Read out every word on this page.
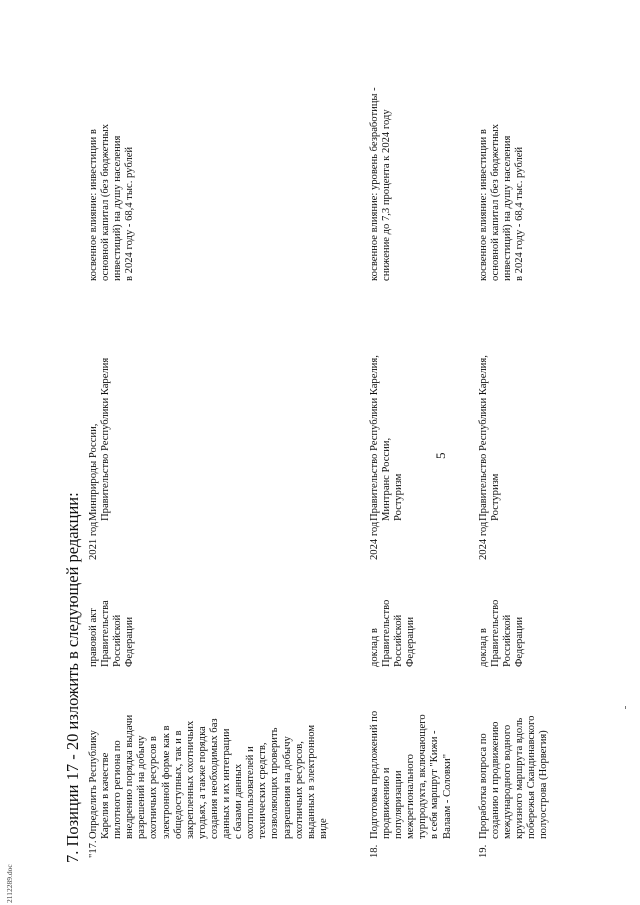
5
7. Позиции 17 - 20 изложить в следующей редакции: "17.
Определить Республику Карелия в качестве пилотного региона по внедрению порядка выдачи разрешений на добычу охотничьих ресурсов в электронной форме как в общедоступных, так и в закрепленных охотничьих угодьях, а также порядка создания необходимых баз данных и их интеграции с базами данных охотпользователей и технических средств, позволяющих проверить разрешения на добычу охотничьих ресурсов, выданных в электронном виде
правовой акт Правительства Российской Федерации
2021 год
Минприроды России, Правительство Республики Карелия
косвенное влияние: инвестиции в основной капитал (без бюджетных инвестиций) на душу населения в 2024 году - 68,4 тыс. рублей
18.
Подготовка предложений по продвижению и популяризации межрегионального турпродукта, включающего в себя маршрут "Кижи - Валаам - Соловки"
доклад в Правительство Российской Федерации
2024 год
Правительство Республики Карелия, Минтранс России, Ростуризм
косвенное влияние: уровень безработицы - снижение до 7,3 процента к 2024 году
19.
Проработка вопроса по созданию и продвижению международного водного круизного маршрута вдоль побережья Скандинавского полуострова (Норвегия)
доклад в Правительство Российской Федерации
2024 год
Правительство Республики Карелия, Ростуризм
косвенное влияние: инвестиции в основной капитал (без бюджетных инвестиций) на душу населения в 2024 году - 68,4 тыс. рублей
2112289.doc
